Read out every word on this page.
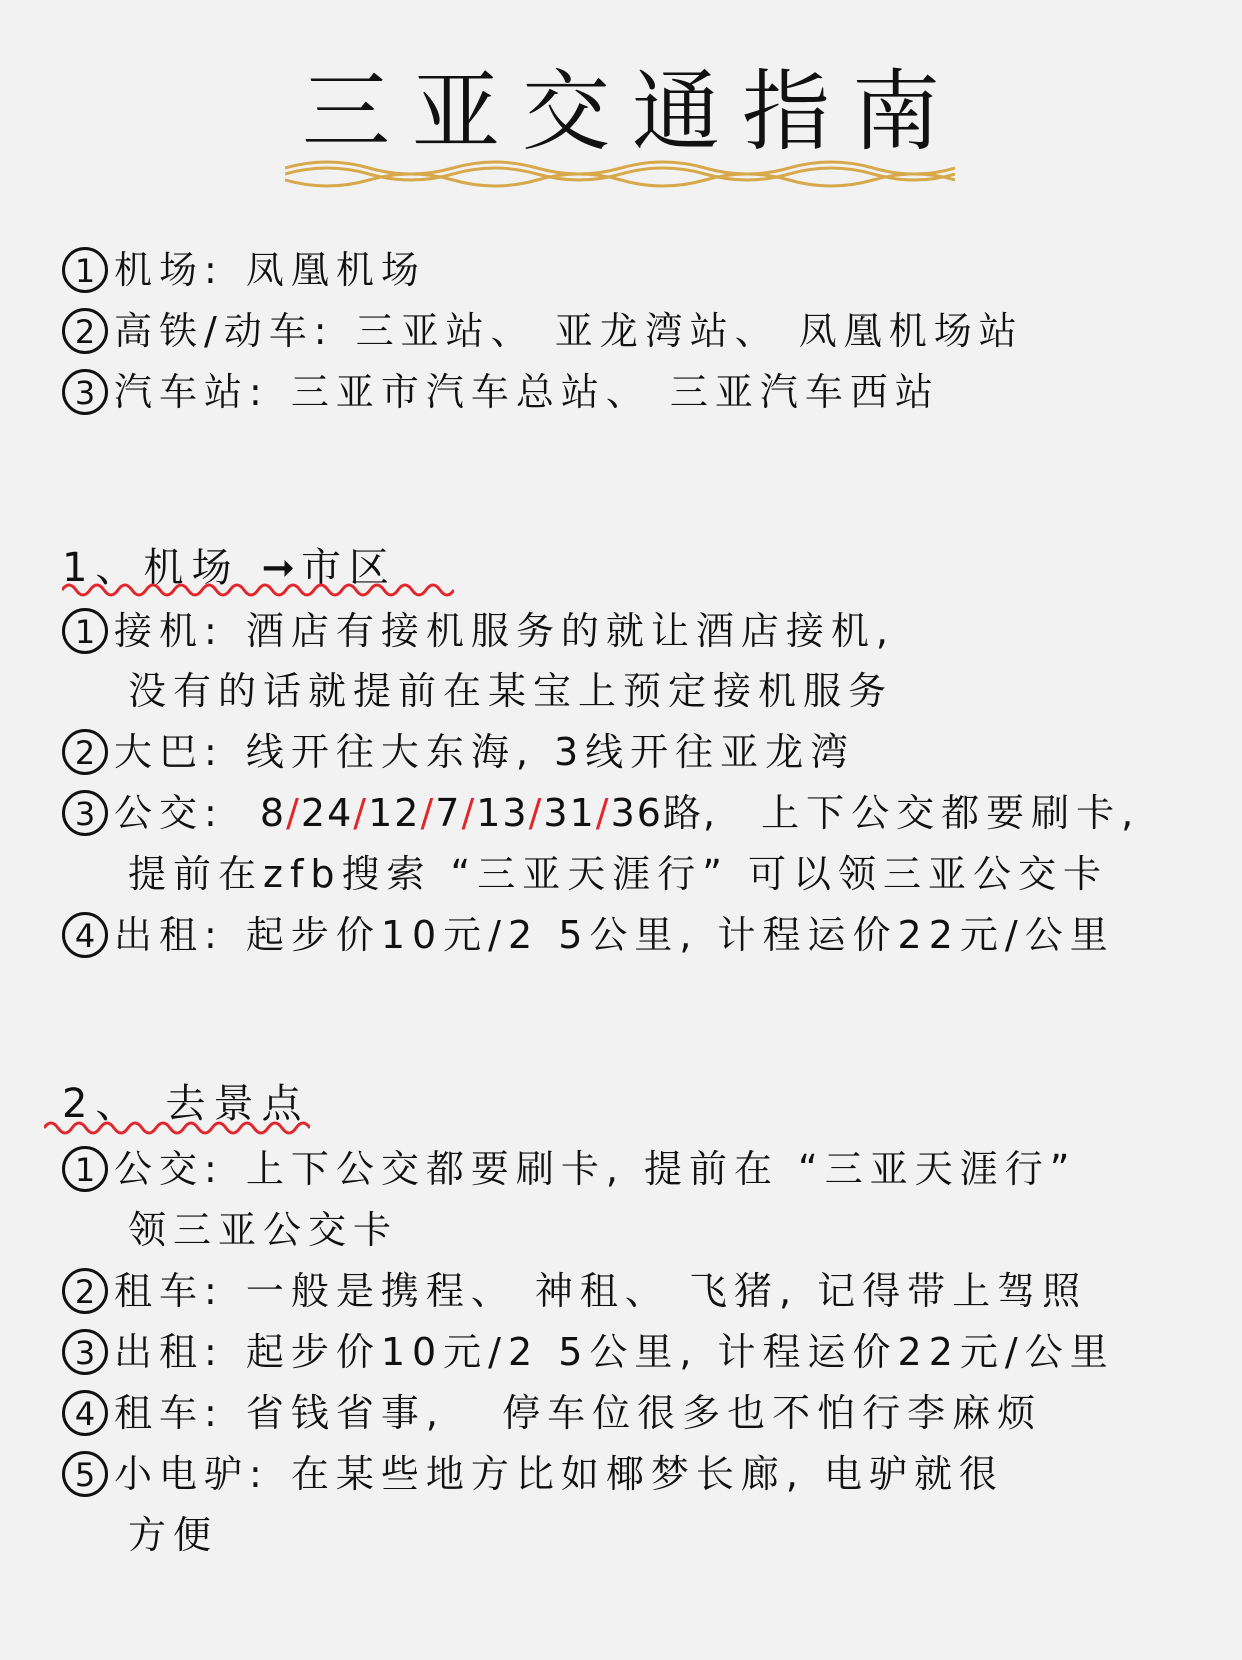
三亚交通指南
1 机场: 凤凰机场
2 高铁/动车: 三亚站、 亚龙湾站、 凤凰机场站
3 汽车站: 三亚市汽车总站、 三亚汽车西站
1、机场 ➞ 市区
1 接机: 酒店有接机服务的就让酒店接机,
没有的话就提前在某宝上预定接机服务
2 大巴: 线开往大东海, 3线开往亚龙湾
3 公交: 8/24/12/7/13/31/36路, 上下公交都要刷卡,
提前在zfb搜索 “三亚天涯行” 可以领三亚公交卡
4 出租: 起步价10元/2 5公里, 计程运价22元/公里
2、 去景点
1 公交: 上下公交都要刷卡, 提前在 “三亚天涯行”
领三亚公交卡
2 租车: 一般是携程、 神租、 飞猪, 记得带上驾照
3 出租: 起步价10元/2 5公里, 计程运价22元/公里
4 租车: 省钱省事,   停车位很多也不怕行李麻烦
5 小电驴: 在某些地方比如椰梦长廊, 电驴就很
方便
